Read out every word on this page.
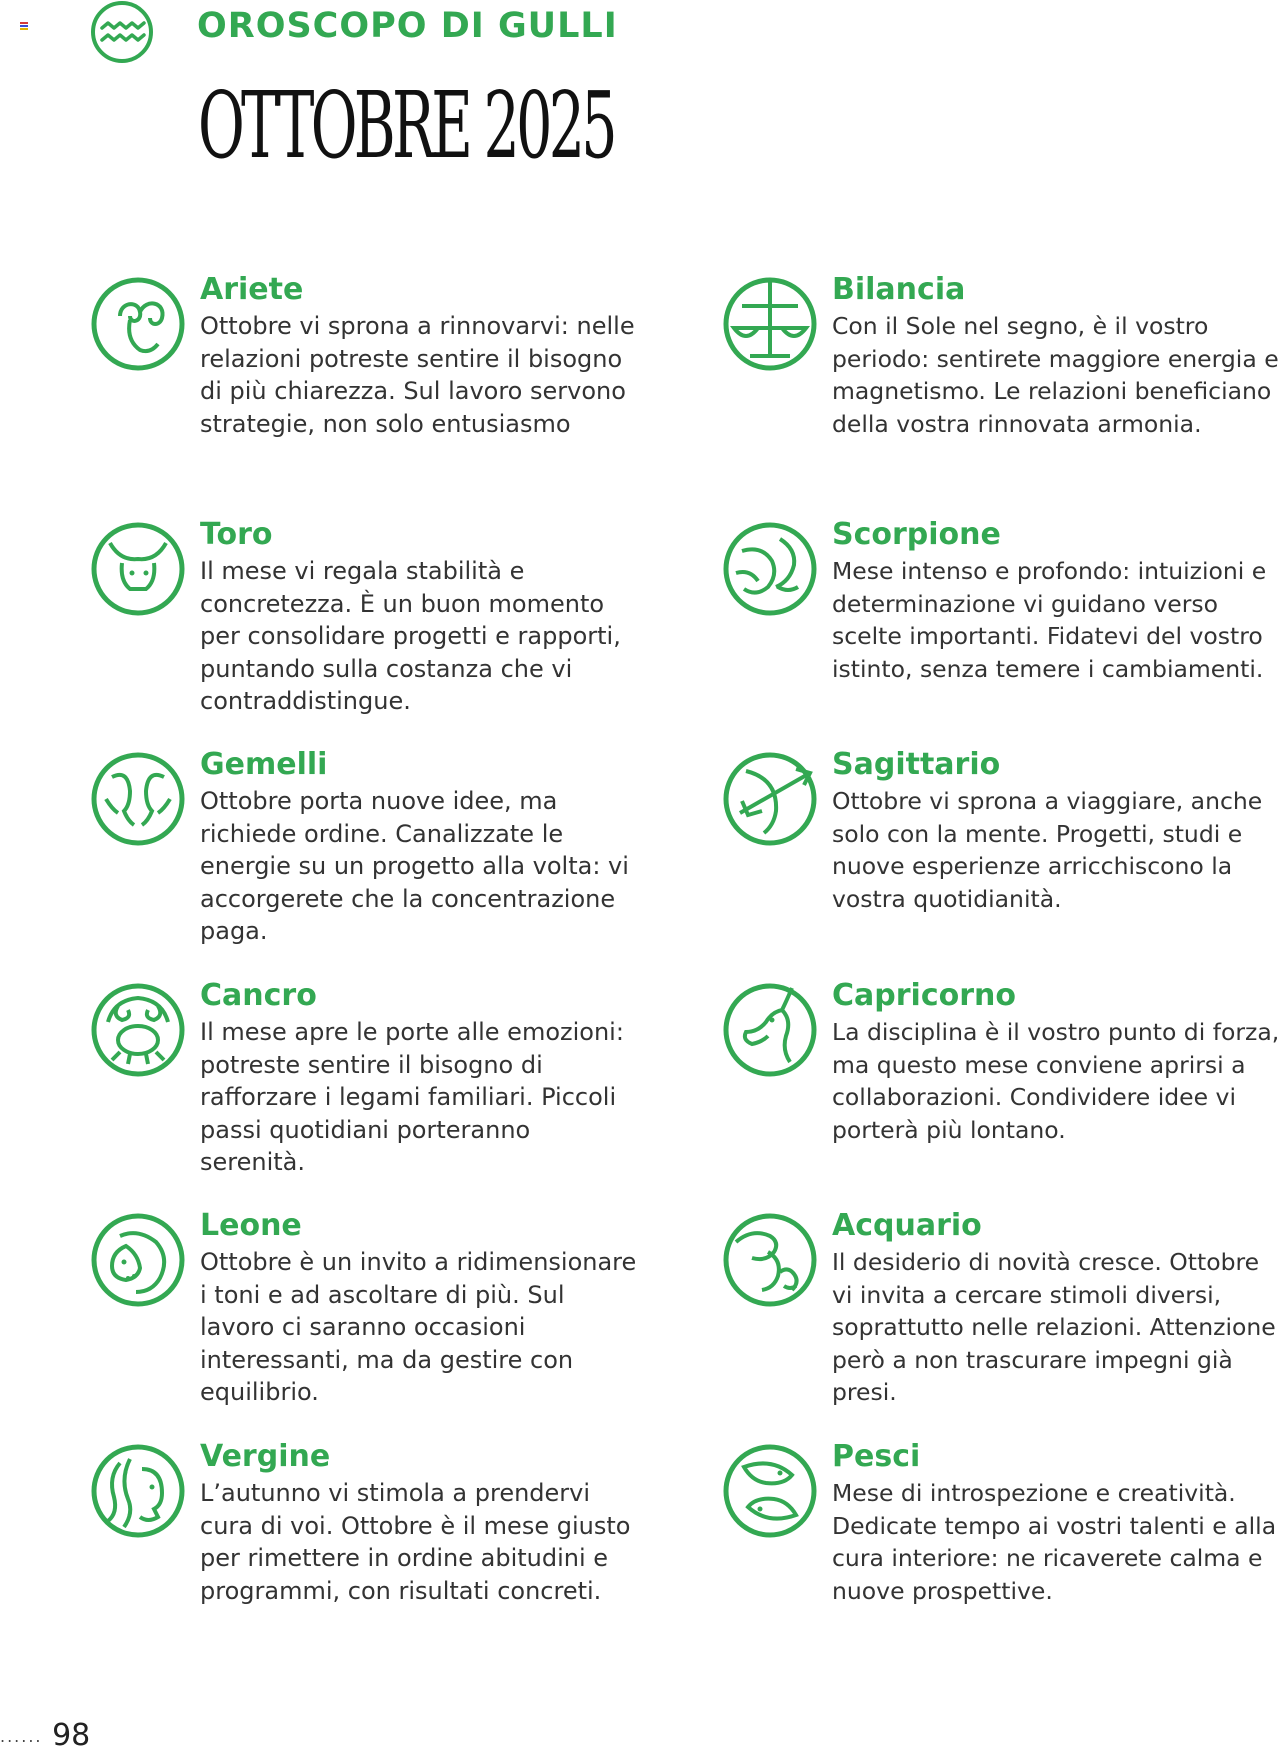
OROSCOPO DI GULLI
OTTOBRE 2025
Ariete
Ottobre vi sprona a rinnovarvi: nelle relazioni potreste sentire il bisogno di più chiarezza. Sul lavoro servono strategie, non solo entusiasmo
Toro
Il mese vi regala stabilità e concretezza. È un buon momento per consolidare progetti e rapporti, puntando sulla costanza che vi contraddistingue.
Gemelli
Ottobre porta nuove idee, ma richiede ordine. Canalizzate le energie su un progetto alla volta: vi accorgerete che la concentrazione paga.
Cancro
Il mese apre le porte alle emozioni: potreste sentire il bisogno di rafforzare i legami familiari. Piccoli passi quotidiani porteranno serenità.
Leone
Ottobre è un invito a ridimensionare i toni e ad ascoltare di più. Sul lavoro ci saranno occasioni interessanti, ma da gestire con equilibrio.
Vergine
L’autunno vi stimola a prendervi cura di voi. Ottobre è il mese giusto per rimettere in ordine abitudini e programmi, con risultati concreti.
Bilancia
Con il Sole nel segno, è il vostro periodo: sentirete maggiore energia e magnetismo. Le relazioni beneficiano della vostra rinnovata armonia.
Scorpione
Mese intenso e profondo: intuizioni e determinazione vi guidano verso scelte importanti. Fidatevi del vostro istinto, senza temere i cambiamenti.
Sagittario
Ottobre vi sprona a viaggiare, anche solo con la mente. Progetti, studi e nuove esperienze arricchiscono la vostra quotidianità.
Capricorno
La disciplina è il vostro punto di forza, ma questo mese conviene aprirsi a collaborazioni. Condividere idee vi porterà più lontano.
Acquario
Il desiderio di novità cresce. Ottobre vi invita a cercare stimoli diversi, soprattutto nelle relazioni. Attenzione però a non trascurare impegni già presi.
Pesci
Mese di introspezione e creatività. Dedicate tempo ai vostri talenti e alla cura interiore: ne ricaverete calma e nuove prospettive.
...... 98
